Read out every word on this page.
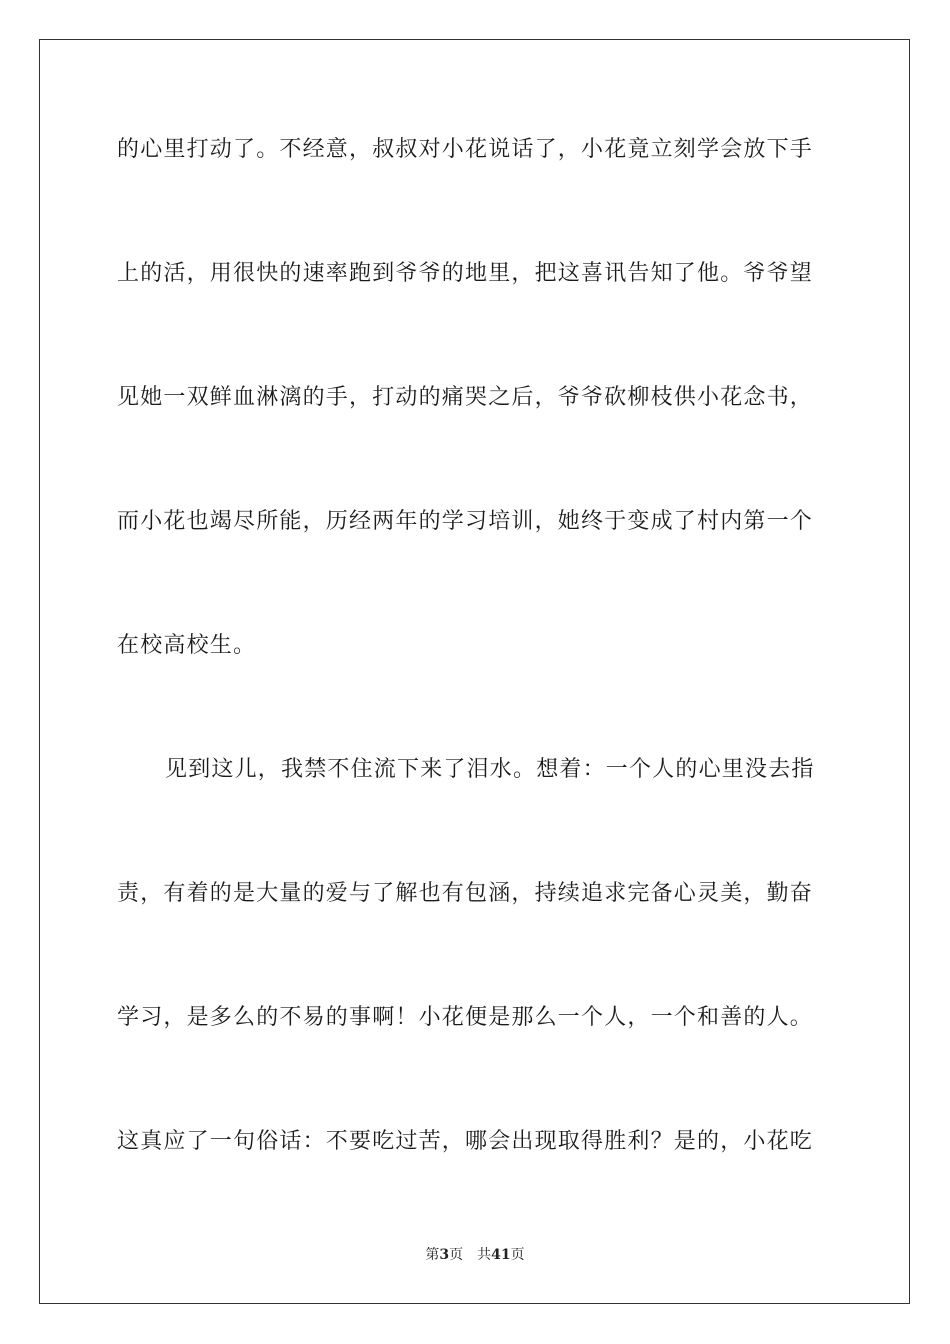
的心里打动了。不经意，叔叔对小花说话了，小花竟立刻学会放下手
上的活，用很快的速率跑到爷爷的地里，把这喜讯告知了他。爷爷望
见她一双鲜血淋漓的手，打动的痛哭之后，爷爷砍柳枝供小花念书，
而小花也竭尽所能，历经两年的学习培训，她终于变成了村内第一个
在校高校生。
见到这儿，我禁不住流下来了泪水。想着：一个人的心里没去指
责，有着的是大量的爱与了解也有包涵，持续追求完备心灵美，勤奋
学习，是多么的不易的事啊！小花便是那么一个人，一个和善的人。
这真应了一句俗话：不要吃过苦，哪会出现取得胜利？是的，小花吃
第3页 共41页
